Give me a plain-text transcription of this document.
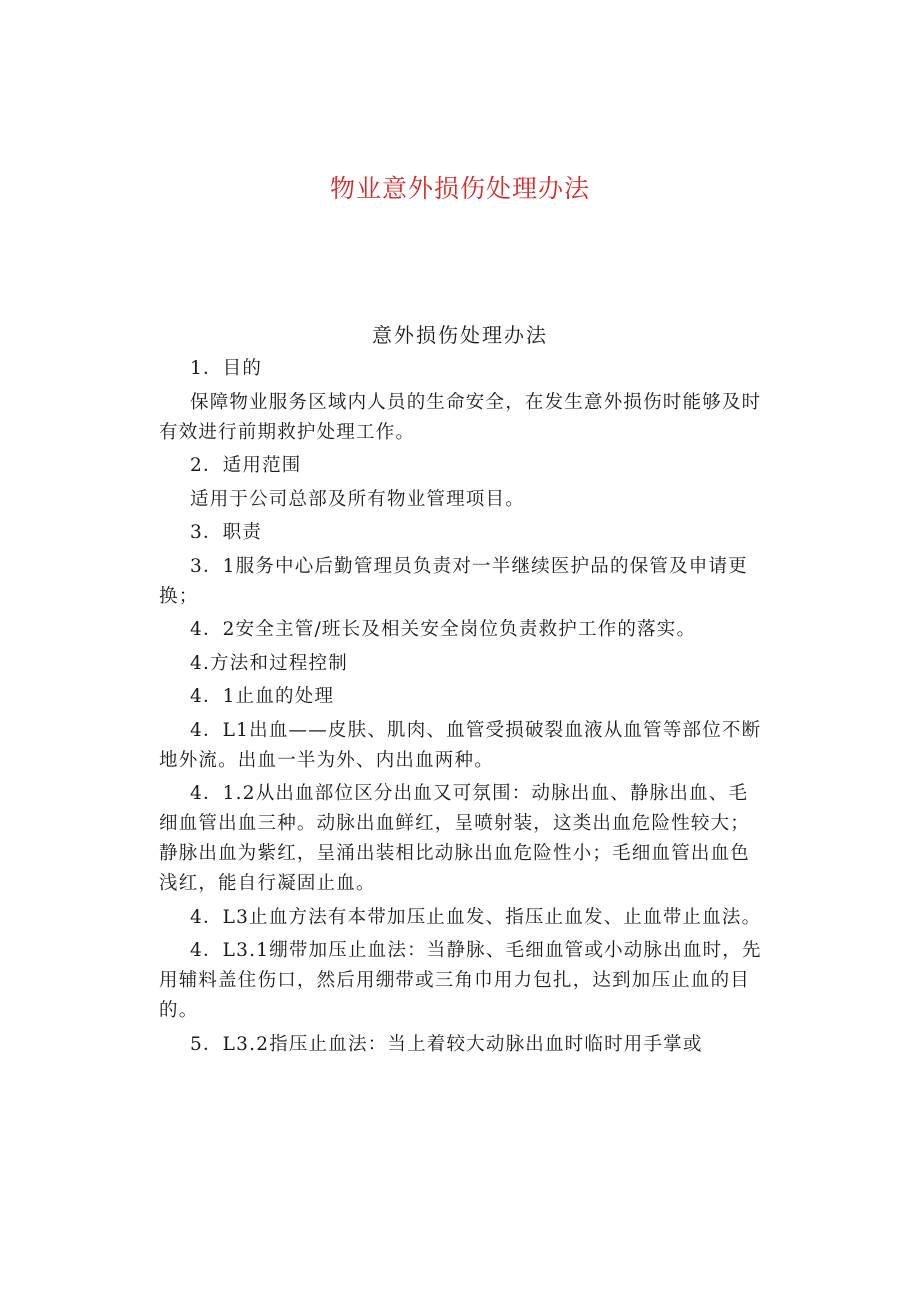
物业意外损伤处理办法
意外损伤处理办法

1．目的

保障物业服务区域内人员的生命安全，在发生意外损伤时能够及时有效进行前期救护处理工作。

2．适用范围

适用于公司总部及所有物业管理项目。

3．职责

3．1服务中心后勤管理员负责对一半继续医护品的保管及申请更换；

4．2安全主管/班长及相关安全岗位负责救护工作的落实。

4.方法和过程控制

4．1止血的处理

4．L1出血——皮肤、肌肉、血管受损破裂血液从血管等部位不断地外流。出血一半为外、内出血两种。

4．1.2从出血部位区分出血又可氛围：动脉出血、静脉出血、毛细血管出血三种。动脉出血鲜红，呈喷射装，这类出血危险性较大；静脉出血为紫红，呈涌出装相比动脉出血危险性小；毛细血管出血色浅红，能自行凝固止血。

4．L3止血方法有本带加压止血发、指压止血发、止血带止血法。

4．L3.1绷带加压止血法：当静脉、毛细血管或小动脉出血时，先用辅料盖住伤口，然后用绷带或三角巾用力包扎，达到加压止血的目的。

5．L3.2指压止血法：当上着较大动脉出血时临时用手掌或
